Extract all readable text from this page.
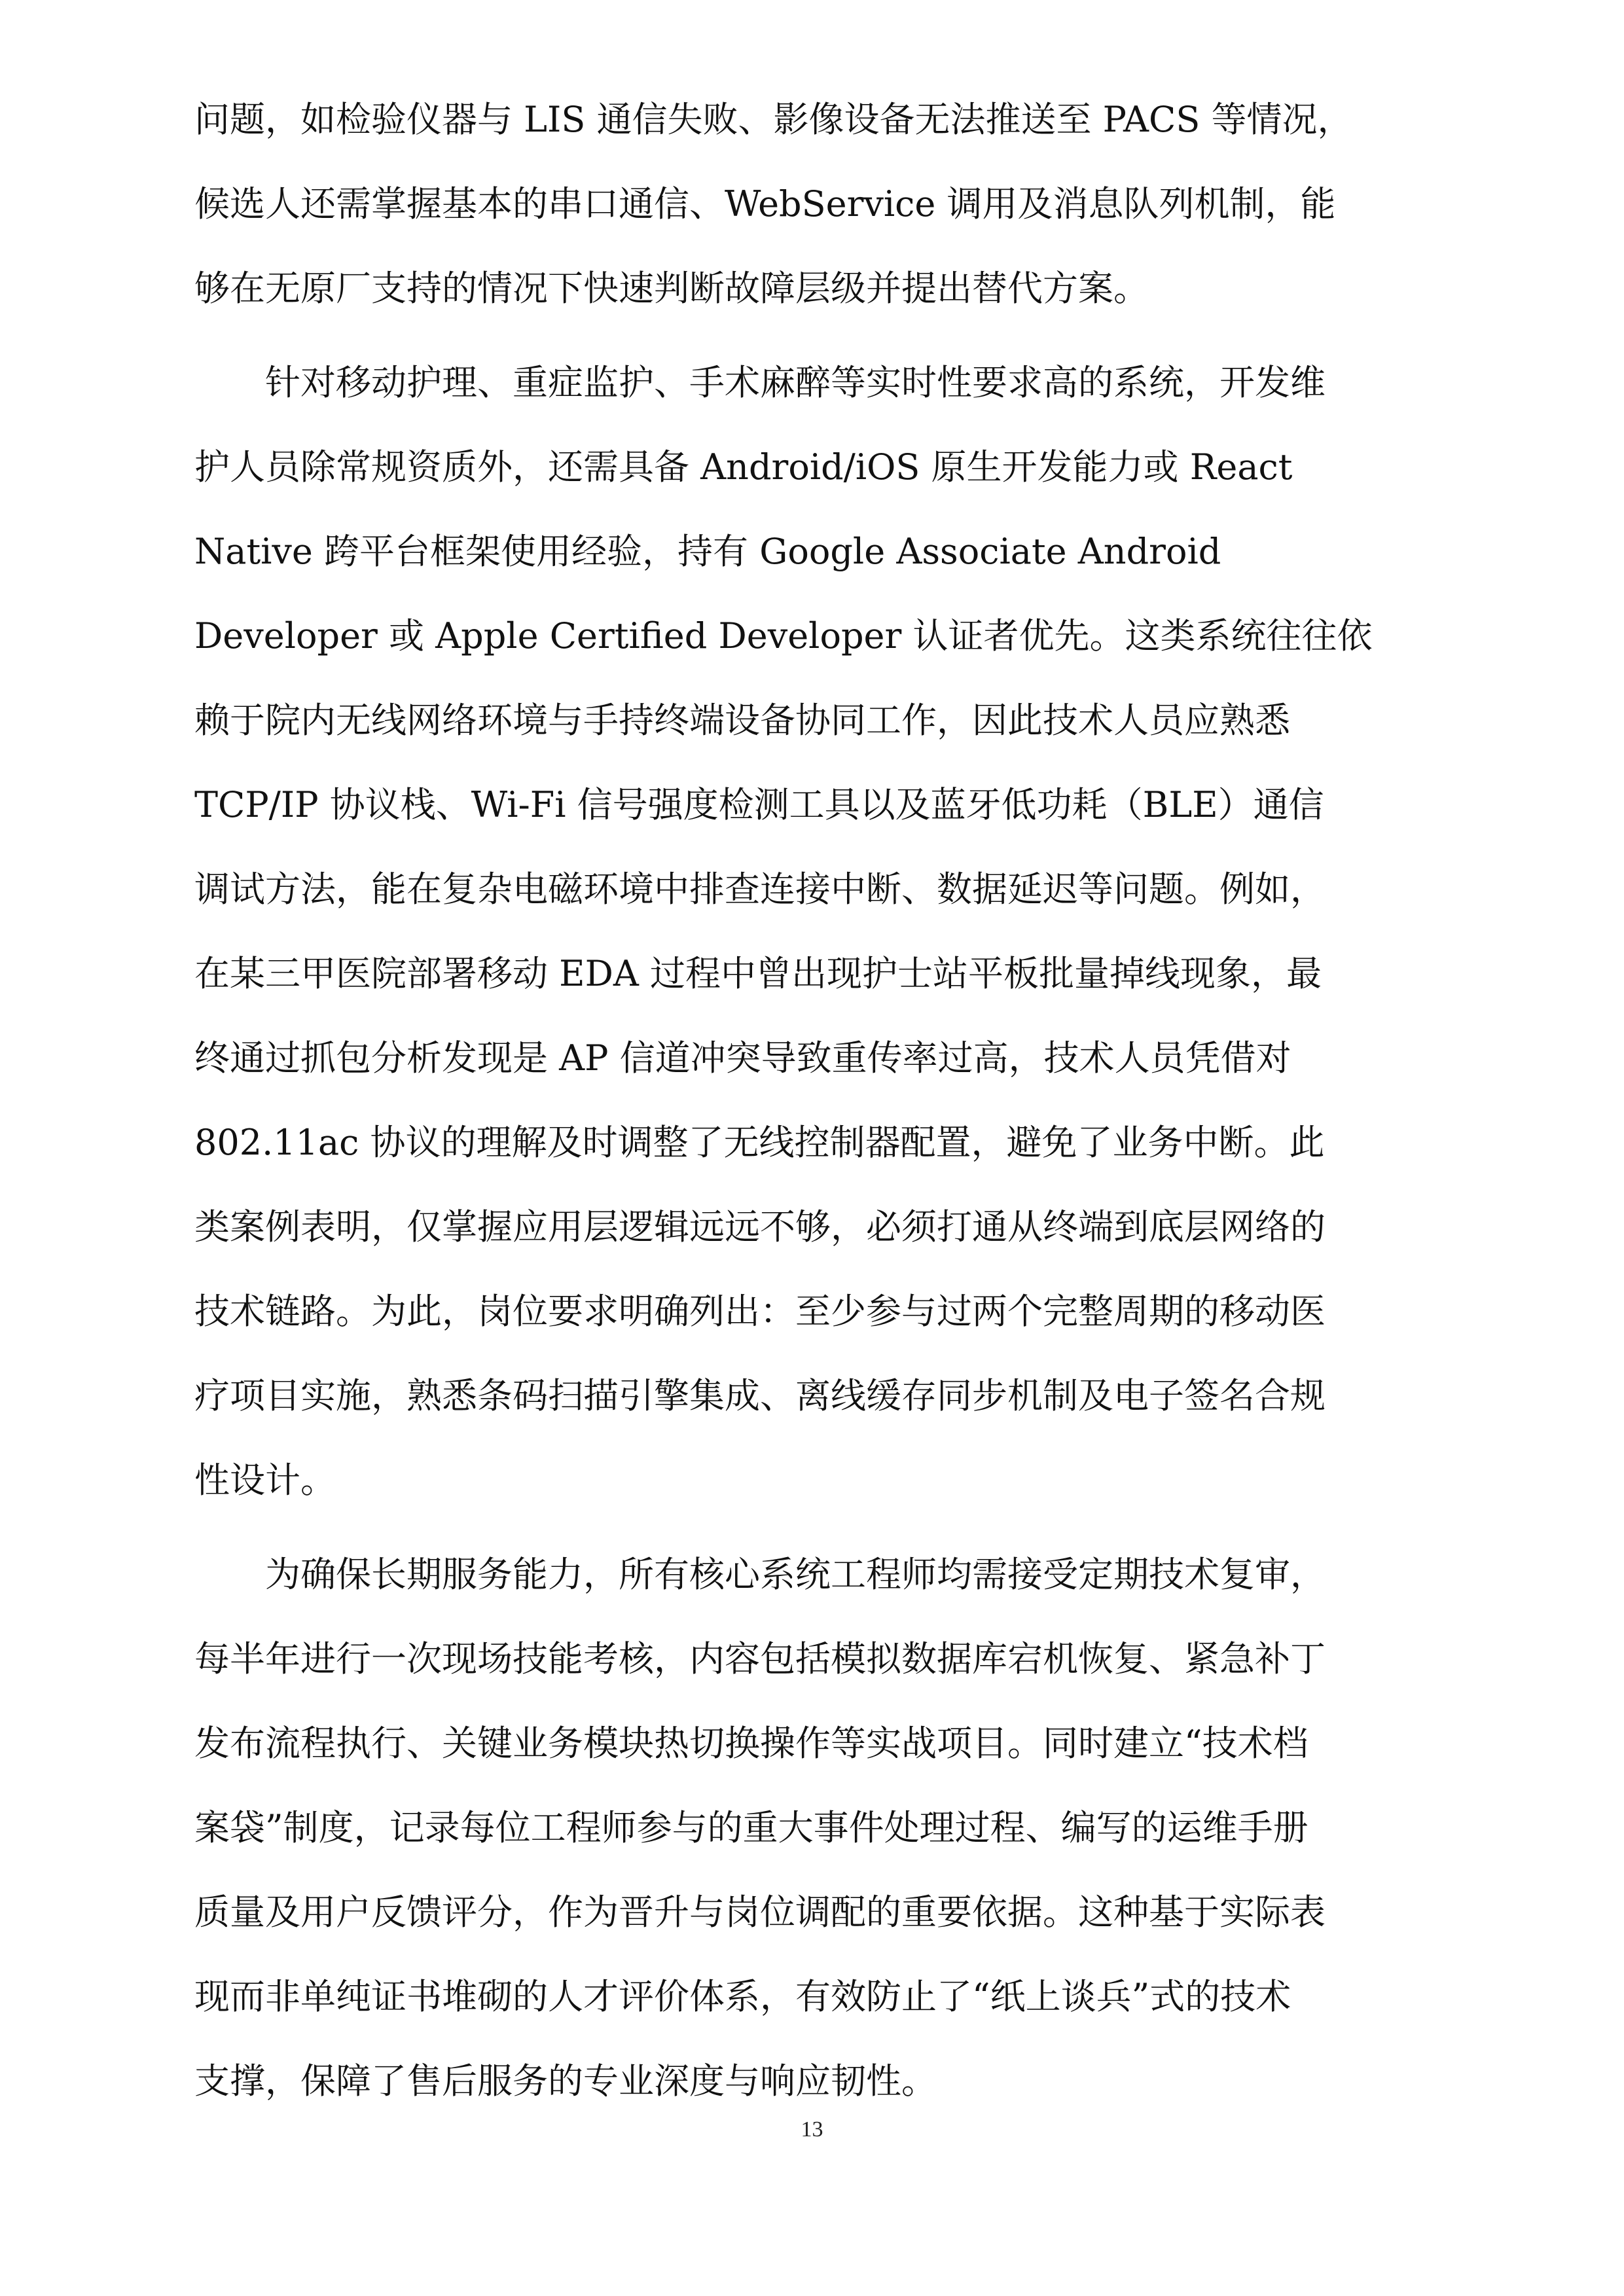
问题，如检验仪器与 LIS 通信失败、影像设备无法推送至 PACS 等情况，
候选人还需掌握基本的串口通信、WebService 调用及消息队列机制，能
够在无原厂支持的情况下快速判断故障层级并提出替代方案。
　　针对移动护理、重症监护、手术麻醉等实时性要求高的系统，开发维
护人员除常规资质外，还需具备 Android/iOS 原生开发能力或 React
Native 跨平台框架使用经验，持有 Google Associate Android
Developer 或 Apple Certified Developer 认证者优先。这类系统往往依
赖于院内无线网络环境与手持终端设备协同工作，因此技术人员应熟悉
TCP/IP 协议栈、Wi-Fi 信号强度检测工具以及蓝牙低功耗（BLE）通信
调试方法，能在复杂电磁环境中排查连接中断、数据延迟等问题。例如，
在某三甲医院部署移动 EDA 过程中曾出现护士站平板批量掉线现象，最
终通过抓包分析发现是 AP 信道冲突导致重传率过高，技术人员凭借对
802.11ac 协议的理解及时调整了无线控制器配置，避免了业务中断。此
类案例表明，仅掌握应用层逻辑远远不够，必须打通从终端到底层网络的
技术链路。为此，岗位要求明确列出：至少参与过两个完整周期的移动医
疗项目实施，熟悉条码扫描引擎集成、离线缓存同步机制及电子签名合规
性设计。
　　为确保长期服务能力，所有核心系统工程师均需接受定期技术复审，
每半年进行一次现场技能考核，内容包括模拟数据库宕机恢复、紧急补丁
发布流程执行、关键业务模块热切换操作等实战项目。同时建立“技术档
案袋”制度，记录每位工程师参与的重大事件处理过程、编写的运维手册
质量及用户反馈评分，作为晋升与岗位调配的重要依据。这种基于实际表
现而非单纯证书堆砌的人才评价体系，有效防止了“纸上谈兵”式的技术
支撑，保障了售后服务的专业深度与响应韧性。
13
